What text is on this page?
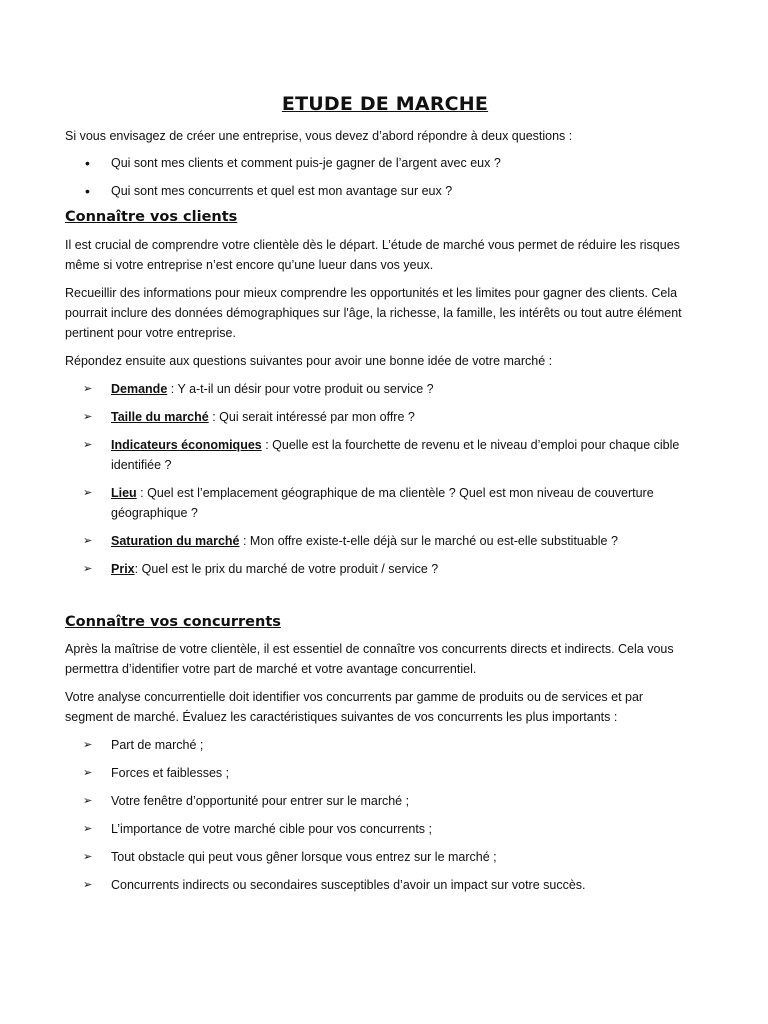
ETUDE DE MARCHE

Si vous envisagez de créer une entreprise, vous devez d’abord répondre à deux questions :

• Qui sont mes clients et comment puis-je gagner de l’argent avec eux ?
• Qui sont mes concurrents et quel est mon avantage sur eux ?
Connaître vos clients

Il est crucial de comprendre votre clientèle dès le départ. L’étude de marché vous permet de réduire les risques
même si votre entreprise n’est encore qu’une lueur dans vos yeux.

Recueillir des informations pour mieux comprendre les opportunités et les limites pour gagner des clients. Cela
pourrait inclure des données démographiques sur l'âge, la richesse, la famille, les intérêts ou tout autre élément
pertinent pour votre entreprise.

Répondez ensuite aux questions suivantes pour avoir une bonne idée de votre marché :

➢ Demande : Y a-t-il un désir pour votre produit ou service ?
➢ Taille du marché : Qui serait intéressé par mon offre ?
➢ Indicateurs économiques : Quelle est la fourchette de revenu et le niveau d’emploi pour chaque cible
identifiée ?
➢ Lieu : Quel est l’emplacement géographique de ma clientèle ? Quel est mon niveau de couverture
géographique ?
➢ Saturation du marché : Mon offre existe-t-elle déjà sur le marché ou est-elle substituable ?
➢ Prix: Quel est le prix du marché de votre produit / service ?
Connaître vos concurrents

Après la maîtrise de votre clientèle, il est essentiel de connaître vos concurrents directs et indirects. Cela vous
permettra d’identifier votre part de marché et votre avantage concurrentiel.

Votre analyse concurrentielle doit identifier vos concurrents par gamme de produits ou de services et par
segment de marché. Évaluez les caractéristiques suivantes de vos concurrents les plus importants :

➢ Part de marché ;
➢ Forces et faiblesses ;
➢ Votre fenêtre d’opportunité pour entrer sur le marché ;
➢ L’importance de votre marché cible pour vos concurrents ;
➢ Tout obstacle qui peut vous gêner lorsque vous entrez sur le marché ;
➢ Concurrents indirects ou secondaires susceptibles d’avoir un impact sur votre succès.
